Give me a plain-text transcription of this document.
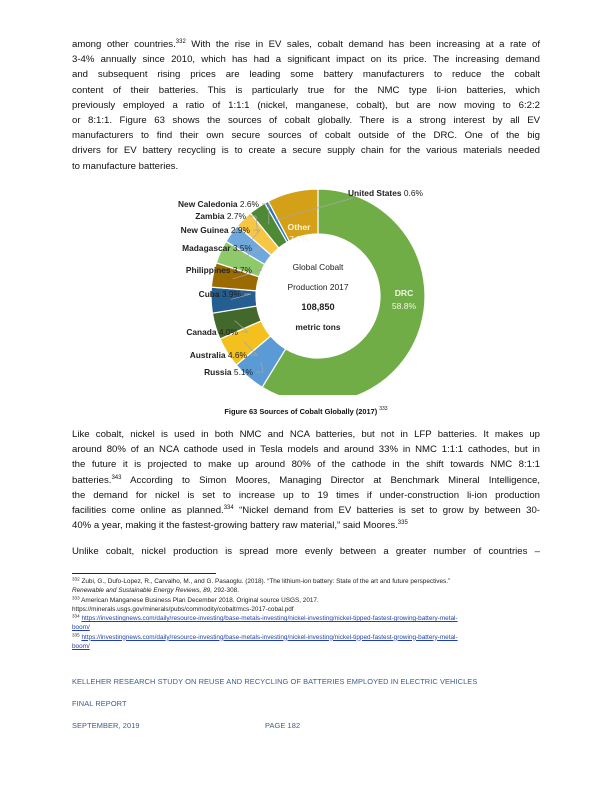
among other countries.$^{332}$ With the rise in EV sales, cobalt demand has been increasing at a rate of
3-4% annually since 2010, which has had a significant impact on its price. The increasing demand
and subsequent rising prices are leading some battery manufacturers to reduce the cobalt
content of their batteries. This is particularly true for the NMC type li-ion batteries, which
previously employed a ratio of 1:1:1 (nickel, manganese, cobalt), but are now moving to 6:2:2
or 8:1:1. Figure 63 shows the sources of cobalt globally. There is a strong interest by all EV
manufacturers to find their own secure sources of cobalt outside of the DRC. One of the big
drivers for EV battery recycling is to create a secure supply chain for the various materials needed
to manufacture batteries.
United States 0.6%
New Caledonia 2.6%
Zambia 2.7%
New Guinea 2.9%
Madagascar 3.5%
Philippines 3.7%
Cuba 3.9%
Canada 4.0%
Australia 4.6%
Russia 5.1%
Other
7.7%
DRC
58.8%
Global Cobalt
Production 2017
108,850
metric tons
Figure 63 Sources of Cobalt Globally (2017) $^{333}$
Like cobalt, nickel is used in both NMC and NCA batteries, but not in LFP batteries. It makes up
around 80% of an NCA cathode used in Tesla models and around 33% in NMC 1:1:1 cathodes, but in
the future it is projected to make up around 80% of the cathode in the shift towards NMC 8:1:1
batteries.$^{343}$ According to Simon Moores, Managing Director at Benchmark Mineral Intelligence,
the demand for nickel is set to increase up to 19 times if under-construction li-ion production
facilities come online as planned.$^{334}$ “Nickel demand from EV batteries is set to grow by between 30-
40% a year, making it the fastest-growing battery raw material,” said Moores.$^{335}$
Unlike cobalt, nickel production is spread more evenly between a greater number of countries –
$^{332}$ Zubi, G., Dufo-Lopez, R., Carvalho, M., and G. Pasaoglu. (2018). “The lithium-ion battery: State of the art and future perspectives.”
Renewable and Sustainable Energy Reviews, 89, 292-308.
$^{333}$ American Manganese Business Plan December 2018. Original source USGS, 2017.
https://minerals.usgs.gov/minerals/pubs/commodity/cobalt/mcs-2017-cobal.pdf
$^{334}$ https://investingnews.com/daily/resource-investing/base-metals-investing/nickel-investing/nickel-tipped-fastest-growing-battery-metal-
boom/
$^{335}$ https://investingnews.com/daily/resource-investing/base-metals-investing/nickel-investing/nickel-tipped-fastest-growing-battery-metal-
boom/
KELLEHER RESEARCH STUDY ON REUSE AND RECYCLING OF BATTERIES EMPLOYED IN ELECTRIC VEHICLES
FINAL REPORT
SEPTEMBER, 2019	PAGE 182
